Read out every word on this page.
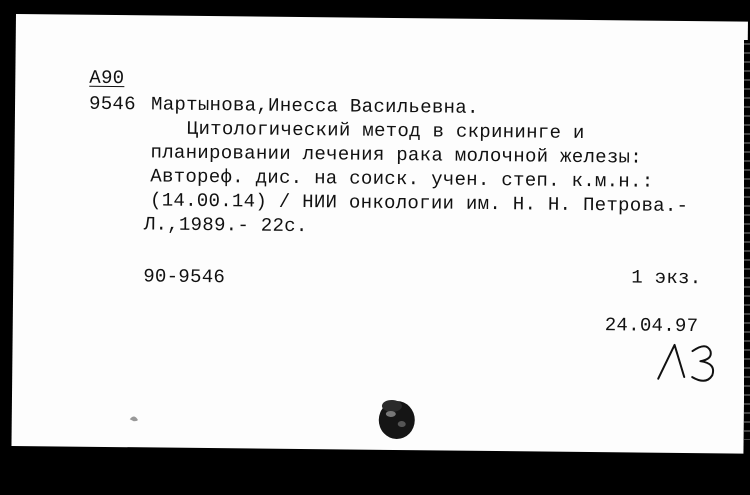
А90
9546 Мартынова,Инесса Васильевна.
Цитологический метод в скрининге и
планировании лечения рака молочной железы:
Автореф. дис. на соиск. учен. степ. к.м.н.:
(14.00.14) / НИИ онкологии им. Н. Н. Петрова.-
Л.,1989.- 22с.
90-9546	1 экз.
24.04.97
